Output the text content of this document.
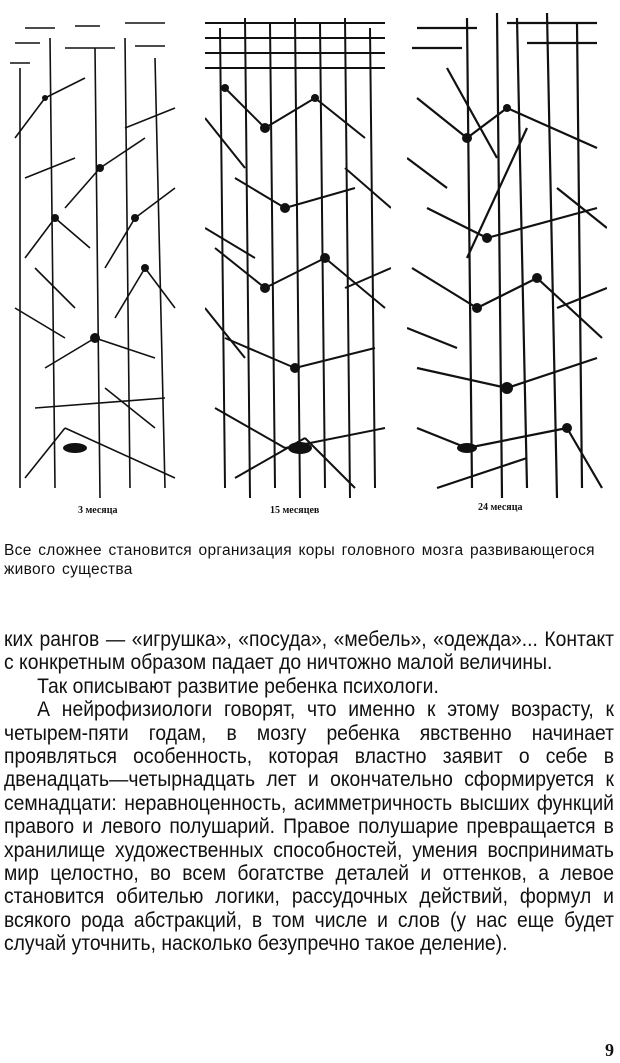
3 месяца	15 месяцев	24 месяца
Все сложнее становится организация коры головного мозга развивающегося живого существа

ких рангов — «игрушка», «посуда», «мебель», «одежда»... Контакт с конкретным образом падает до ничтожно малой величины.

Так описывают развитие ребенка психологи.

А нейрофизиологи говорят, что именно к этому возрасту, к четырем-пяти годам, в мозгу ребенка явственно начинает проявляться особенность, которая властно заявит о себе в двенадцать—четырнадцать лет и окончательно сформируется к семнадцати: неравноценность, асимметричность высших функций правого и левого полушарий. Правое полушарие превращается в хранилище художественных способностей, умения воспринимать мир целостно, во всем богатстве деталей и оттенков, а левое становится обителью логики, рассудочных действий, формул и всякого рода абстракций, в том числе и слов (у нас еще будет случай уточнить, насколько безупречно такое деление).

9
